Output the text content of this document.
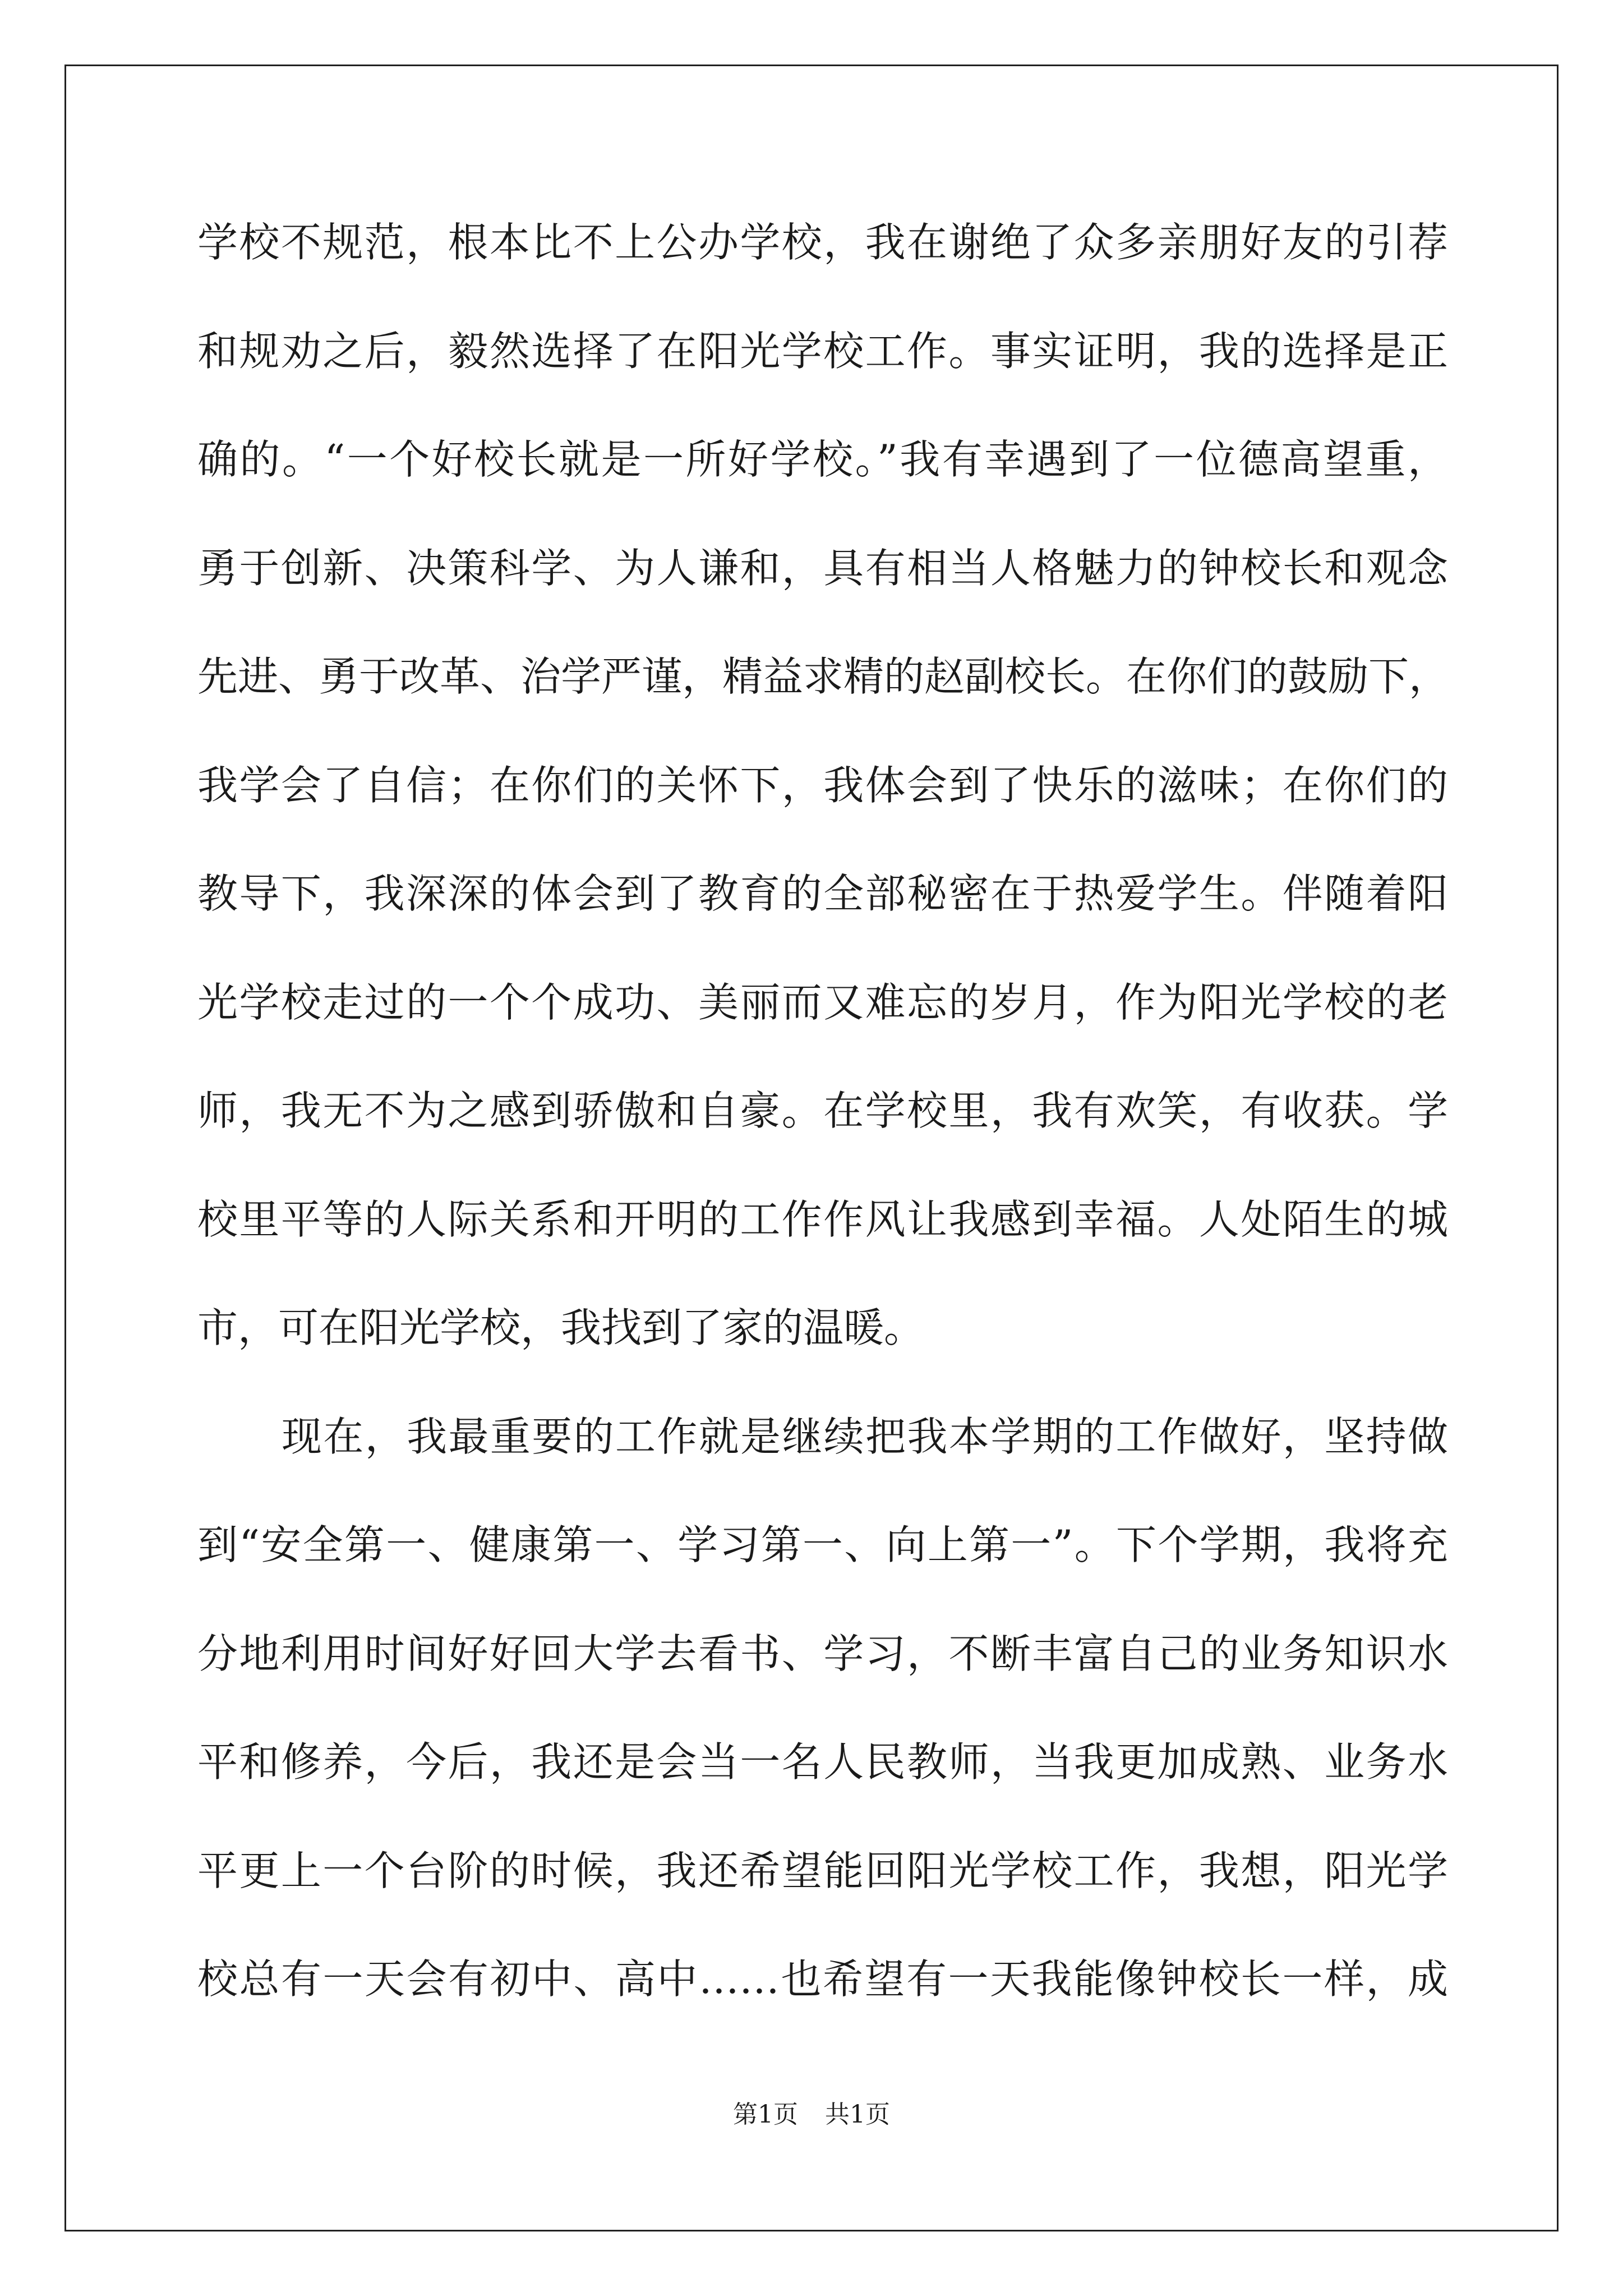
学校不规范，根本比不上公办学校，我在谢绝了众多亲朋好友的引荐
和规劝之后，毅然选择了在阳光学校工作。事实证明，我的选择是正
确的。“一个好校长就是一所好学校。”我有幸遇到了一位德高望重，
勇于创新、决策科学、为人谦和，具有相当人格魅力的钟校长和观念
先进、勇于改革、治学严谨，精益求精的赵副校长。在你们的鼓励下，
我学会了自信；在你们的关怀下，我体会到了快乐的滋味；在你们的
教导下，我深深的体会到了教育的全部秘密在于热爱学生。伴随着阳
光学校走过的一个个成功、美丽而又难忘的岁月，作为阳光学校的老
师，我无不为之感到骄傲和自豪。在学校里，我有欢笑，有收获。学
校里平等的人际关系和开明的工作作风让我感到幸福。人处陌生的城
市，可在阳光学校，我找到了家的温暖。
现在，我最重要的工作就是继续把我本学期的工作做好，坚持做
到“安全第一、健康第一、学习第一、向上第一”。下个学期，我将充
分地利用时间好好回大学去看书、学习，不断丰富自己的业务知识水
平和修养，今后，我还是会当一名人民教师，当我更加成熟、业务水
平更上一个台阶的时候，我还希望能回阳光学校工作，我想，阳光学
校总有一天会有初中、高中……也希望有一天我能像钟校长一样，成
第1页 共1页
